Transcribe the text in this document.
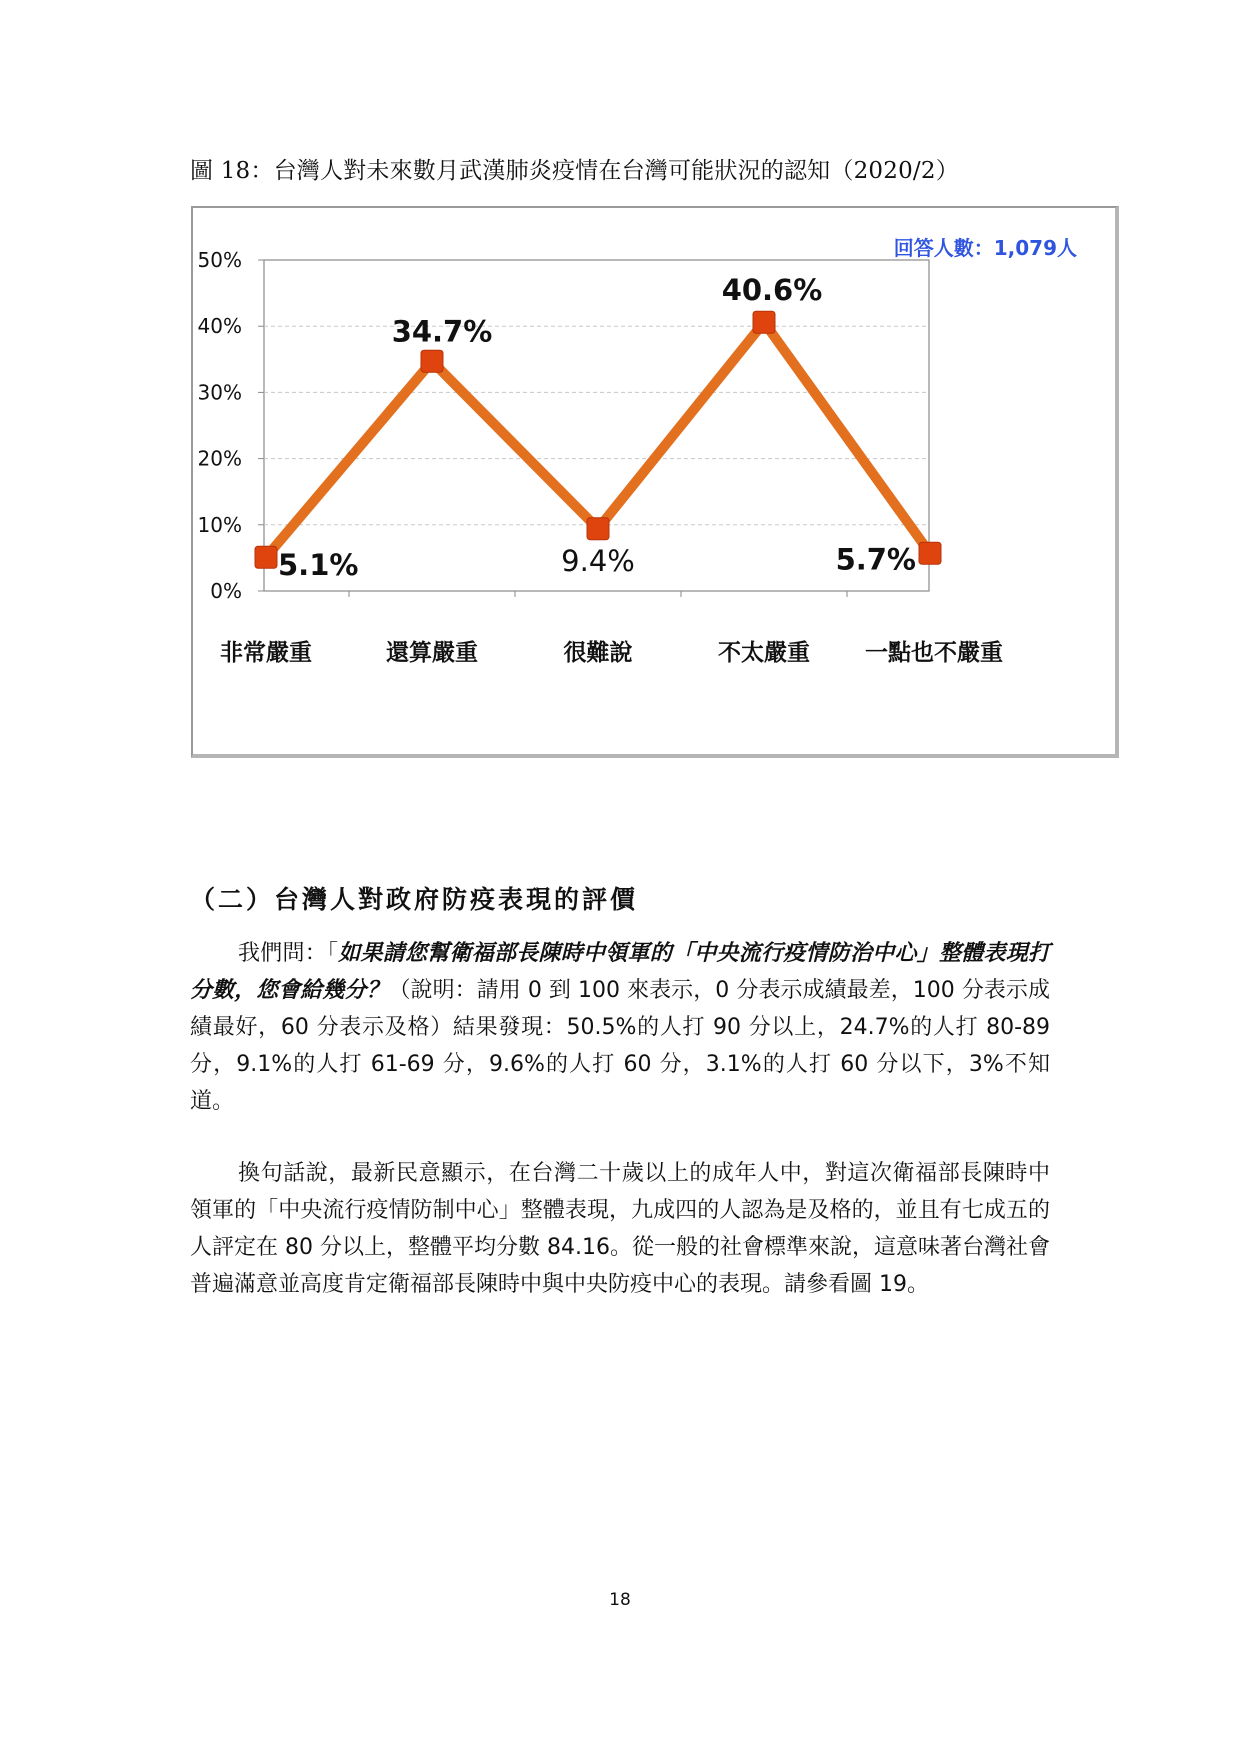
圖 18：台灣人對未來數月武漢肺炎疫情在台灣可能狀況的認知（2020/2）
回答人數：1,079人
0%
10%
20%
30%
40%
50%
5.1%
34.7%
9.4%
40.6%
5.7%
非常嚴重	還算嚴重	很難說	不太嚴重 一點也不嚴重
（二）台灣人對政府防疫表現的評價
我們問：「如果請您幫衛福部長陳時中領軍的「中央流行疫情防治中心」整體表現打分數，您會給幾分？（說明：請用 0 到 100 來表示，0 分表示成績最差，100 分表示成績最好，60 分表示及格）結果發現：50.5%的人打 90 分以上，24.7%的人打 80-89 分，9.1%的人打 61-69 分，9.6%的人打 60 分，3.1%的人打 60 分以下，3%不知道。
換句話說，最新民意顯示，在台灣二十歲以上的成年人中，對這次衛福部長陳時中領軍的「中央流行疫情防制中心」整體表現，九成四的人認為是及格的，並且有七成五的人評定在 80 分以上，整體平均分數 84.16。從一般的社會標準來說，這意味著台灣社會普遍滿意並高度肯定衛福部長陳時中與中央防疫中心的表現。請參看圖 19。
18
